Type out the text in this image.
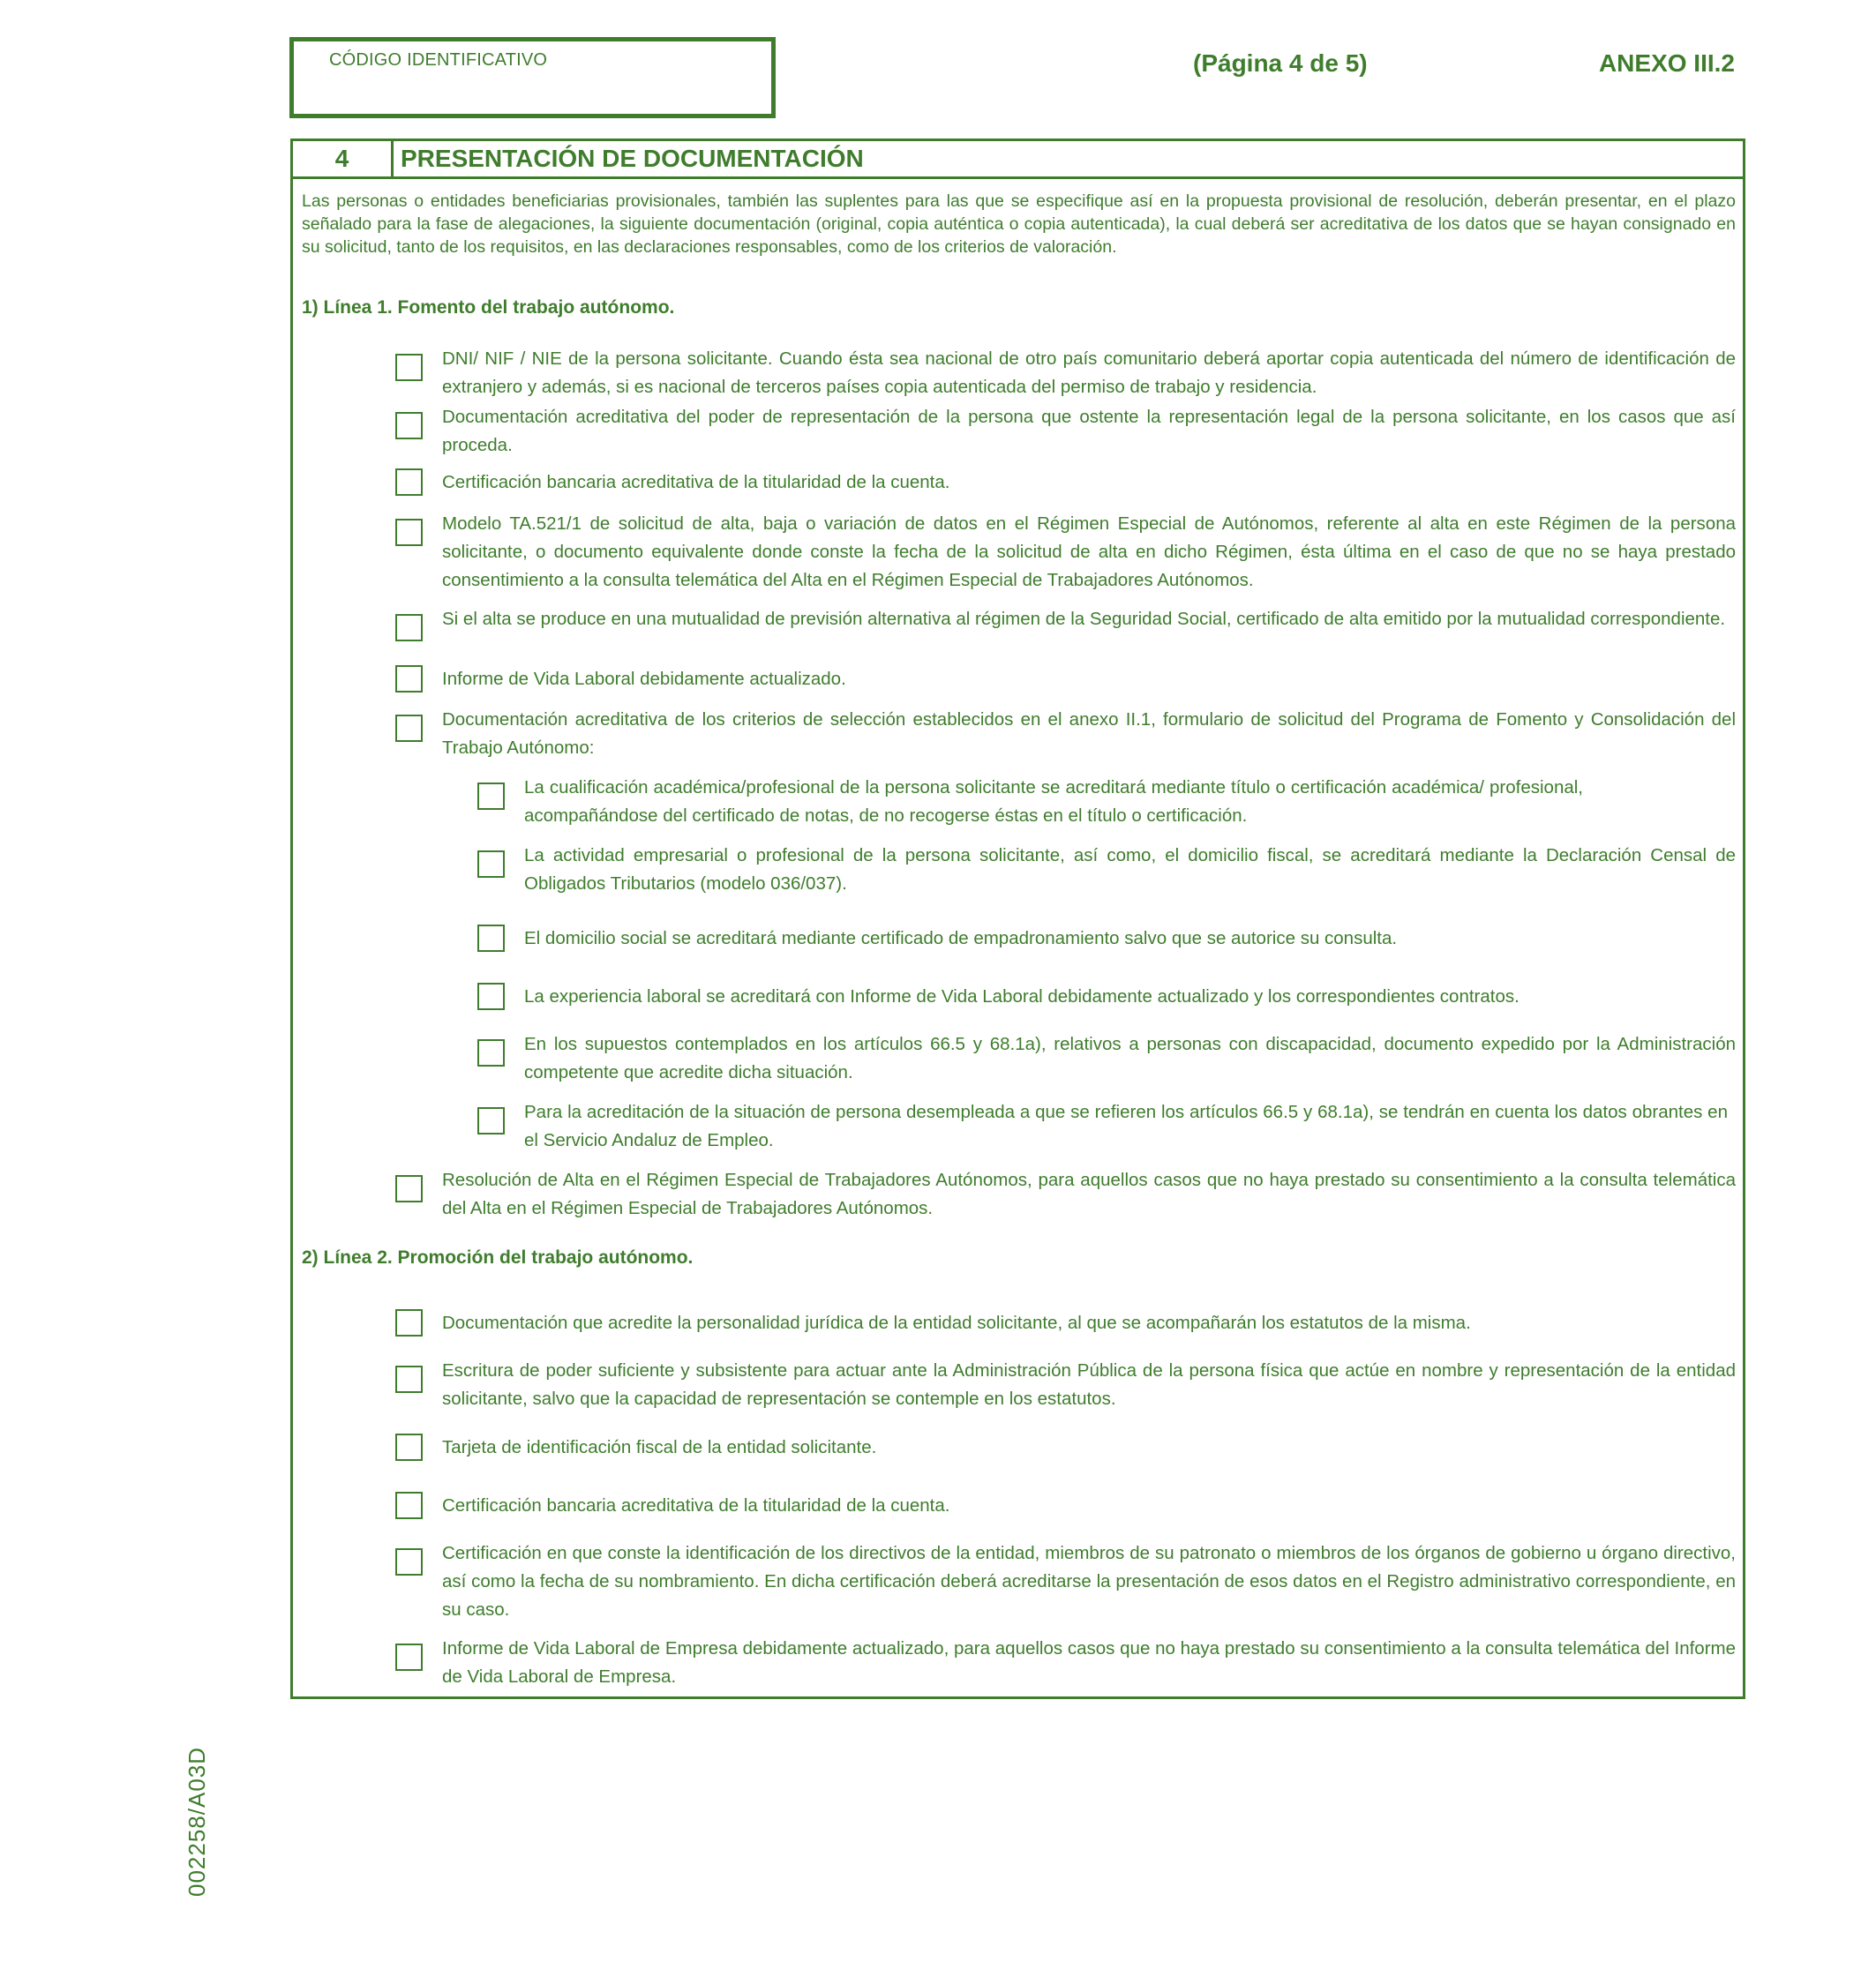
CÓDIGO IDENTIFICATIVO	(Página 4 de 5)	ANEXO III.2
4	PRESENTACIÓN DE DOCUMENTACIÓN
Las personas o entidades beneficiarias provisionales, también las suplentes para las que se especifique así en la propuesta provisional de resolución, deberán presentar, en el plazo señalado para la fase de alegaciones, la siguiente documentación (original, copia auténtica o copia autenticada), la cual deberá ser acreditativa de los datos que se hayan consignado en su solicitud, tanto de los requisitos, en las declaraciones responsables, como de los criterios de valoración.
1) Línea 1. Fomento del trabajo autónomo.
DNI/ NIF / NIE de la persona solicitante. Cuando ésta sea nacional de otro país comunitario deberá aportar copia autenticada del número de identificación de extranjero y además, si es nacional de terceros países copia autenticada del permiso de trabajo y residencia.
Documentación acreditativa del poder de representación de la persona que ostente la representación legal de la persona solicitante, en los casos que así proceda.
Certificación bancaria acreditativa de la titularidad de la cuenta.
Modelo TA.521/1 de solicitud de alta, baja o variación de datos en el Régimen Especial de Autónomos, referente al alta en este Régimen de la persona solicitante, o documento equivalente donde conste la fecha de la solicitud de alta en dicho Régimen, ésta última en el caso de que no se haya prestado consentimiento a la consulta telemática del Alta en el Régimen Especial de Trabajadores Autónomos.
Si el alta se produce en una mutualidad de previsión alternativa al régimen de la Seguridad Social, certificado de alta emitido por la mutualidad correspondiente.
Informe de Vida Laboral debidamente actualizado.
Documentación acreditativa de los criterios de selección establecidos en el anexo II.1, formulario de solicitud del Programa de Fomento y Consolidación del Trabajo Autónomo:
La cualificación académica/profesional de la persona solicitante se acreditará mediante título o certificación académica/ profesional, acompañándose del certificado de notas, de no recogerse éstas en el título o certificación.
La actividad empresarial o profesional de la persona solicitante, así como, el domicilio fiscal, se acreditará mediante la Declaración Censal de Obligados Tributarios (modelo 036/037).
El domicilio social se acreditará mediante certificado de empadronamiento salvo que se autorice su consulta.
La experiencia laboral se acreditará con Informe de Vida Laboral debidamente actualizado y los correspondientes contratos.
En los supuestos contemplados en los artículos 66.5 y 68.1a), relativos a personas con discapacidad, documento expedido por la Administración competente que acredite dicha situación.
Para la acreditación de la situación de persona desempleada a que se refieren los artículos 66.5 y 68.1a), se tendrán en cuenta los datos obrantes en el Servicio Andaluz de Empleo.
Resolución de Alta en el Régimen Especial de Trabajadores Autónomos, para aquellos casos que no haya prestado su consentimiento a la consulta telemática del Alta en el Régimen Especial de Trabajadores Autónomos.
2) Línea 2. Promoción del trabajo autónomo.
Documentación que acredite la personalidad jurídica de la entidad solicitante, al que se acompañarán los estatutos de la misma.
Escritura de poder suficiente y subsistente para actuar ante la Administración Pública de la persona física que actúe en nombre y representación de la entidad solicitante, salvo que la capacidad de representación se contemple en los estatutos.
Tarjeta de identificación fiscal de la entidad solicitante.
Certificación bancaria acreditativa de la titularidad de la cuenta.
Certificación en que conste la identificación de los directivos de la entidad, miembros de su patronato o miembros de los órganos de gobierno u órgano directivo, así como la fecha de su nombramiento. En dicha certificación deberá acreditarse la presentación de esos datos en el Registro administrativo correspondiente, en su caso.
Informe de Vida Laboral de Empresa debidamente actualizado, para aquellos casos que no haya prestado su consentimiento a la consulta telemática del Informe de Vida Laboral de Empresa.
002258/A03D
